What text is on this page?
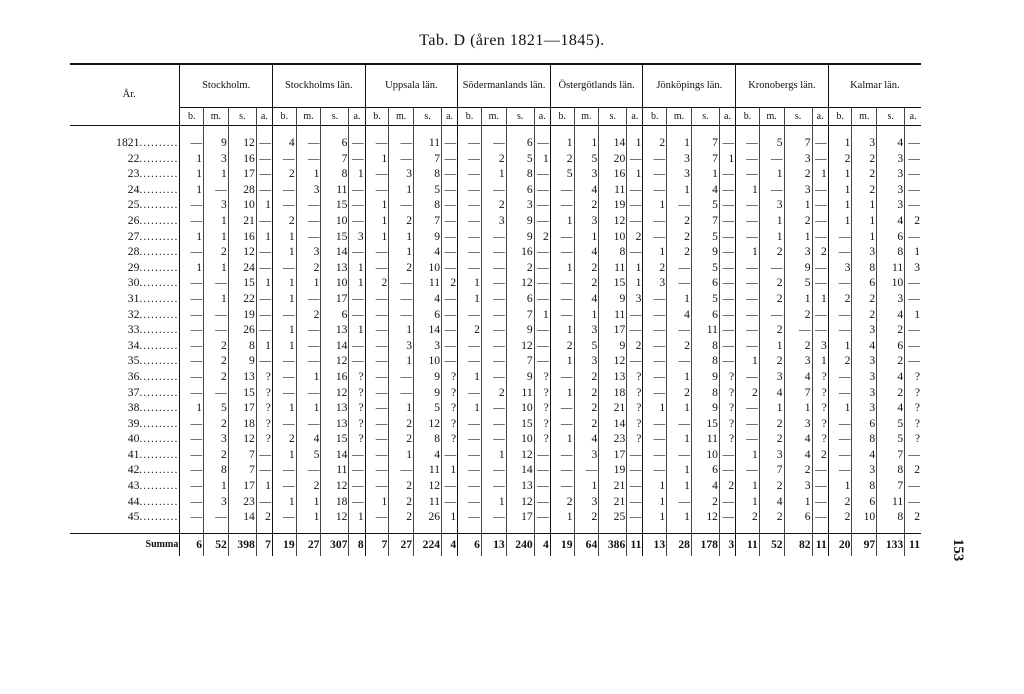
Tab. D (åren 1821—1845).
153
År.	Stockholm.				Stockholms län.				Uppsala län.				Södermanlands län.				Östergötlands län.				Jönköpings län.				Kronobergs län.				Kalmar län.			
	b.	m.	s.	a.	b.	m.	s.	a.	b.	m.	s.	a.	b.	m.	s.	a.	b.	m.	s.	a.	b.	m.	s.	a.	b.	m.	s.	a.	b.	m.	s.	a.

1821..........	—	9	12	—	4	—	6	—	—	—	11	—	—	—	6	—	1	1	14	1	2	1	7	—	—	5	7	—	1	3	4	—
22..........	1	3	16	—	—	—	7	—	1	—	7	—	—	2	5	1	2	5	20	—	—	3	7	1	—	—	3	—	2	2	3	—
23..........	1	1	17	—	2	1	8	1	—	3	8	—	—	1	8	—	5	3	16	1	—	3	1	—	—	1	2	1	1	2	3	—
24..........	1	—	28	—	—	3	11	—	—	1	5	—	—	—	6	—	—	4	11	—	—	1	4	—	1	—	3	—	1	2	3	—
25..........	—	3	10	1	—	—	15	—	1	—	8	—	—	2	3	—	—	2	19	—	1	—	5	—	—	3	1	—	1	1	3	—
26..........	—	1	21	—	2	—	10	—	1	2	7	—	—	3	9	—	1	3	12	—	—	2	7	—	—	1	2	—	1	1	4	2
27..........	1	1	16	1	1	—	15	3	1	1	9	—	—	—	9	2	—	1	10	2	—	2	5	—	—	1	1	—	—	1	6	—
28..........	—	2	12	—	1	3	14	—	—	1	4	—	—	—	16	—	—	4	8	—	1	2	9	—	1	2	3	2	—	3	8	1
29..........	1	1	24	—	—	2	13	1	—	2	10	—	—	—	2	—	1	2	11	1	2	—	5	—	—	—	9	—	3	8	11	3
30..........	—	—	15	1	1	1	10	1	2	—	11	2	1	—	12	—	—	2	15	1	3	—	6	—	—	2	5	—	—	6	10	—
31..........	—	1	22	—	1	—	17	—	—	—	4	—	1	—	6	—	—	4	9	3	—	1	5	—	—	2	1	1	2	2	3	—
32..........	—	—	19	—	—	2	6	—	—	—	6	—	—	—	7	1	—	1	11	—	—	4	6	—	—	—	2	—	—	2	4	1
33..........	—	—	26	—	1	—	13	1	—	1	14	—	2	—	9	—	1	3	17	—	—	—	11	—	—	2	—	—	—	3	2	—
34..........	—	2	8	1	1	—	14	—	—	3	3	—	—	—	12	—	2	5	9	2	—	2	8	—	—	1	2	3	1	4	6	—
35..........	—	2	9	—	—	—	12	—	—	1	10	—	—	—	7	—	1	3	12	—	—	—	8	—	1	2	3	1	2	3	2	—
36..........	—	2	13	?	—	1	16	?	—	—	9	?	1	—	9	?	—	2	13	?	—	1	9	?	—	3	4	?	—	3	4	?
37..........	—	—	15	?	—	—	12	?	—	—	9	?	—	2	11	?	1	2	18	?	—	2	8	?	2	4	7	?	—	3	2	?
38..........	1	5	17	?	1	1	13	?	—	1	5	?	1	—	10	?	—	2	21	?	1	1	9	?	—	1	1	?	1	3	4	?
39..........	—	2	18	?	—	—	13	?	—	2	12	?	—	—	15	?	—	2	14	?	—	—	15	?	—	2	3	?	—	6	5	?
40..........	—	3	12	?	2	4	15	?	—	2	8	?	—	—	10	?	1	4	23	?	—	1	11	?	—	2	4	?	—	8	5	?
41..........	—	2	7	—	1	5	14	—	—	1	4	—	—	1	12	—	—	3	17	—	—	—	10	—	1	3	4	2	—	4	7	—
42..........	—	8	7	—	—	—	11	—	—	—	11	1	—	—	14	—	—	—	19	—	—	1	6	—	—	7	2	—	—	3	8	2
43..........	—	1	17	1	—	2	12	—	—	2	12	—	—	—	13	—	—	1	21	—	1	1	4	2	1	2	3	—	1	8	7	—
44..........	—	3	23	—	1	1	18	—	1	2	11	—	—	1	12	—	2	3	21	—	1	—	2	—	1	4	1	—	2	6	11	—
45..........	—	—	14	2	—	1	12	1	—	2	26	1	—	—	17	—	1	2	25	—	1	1	12	—	2	2	6	—	2	10	8	2

Summa	6	52	398	7	19	27	307	8	7	27	224	4	6	13	240	4	19	64	386	11	13	28	178	3	11	52	82	11	20	97	133	11
